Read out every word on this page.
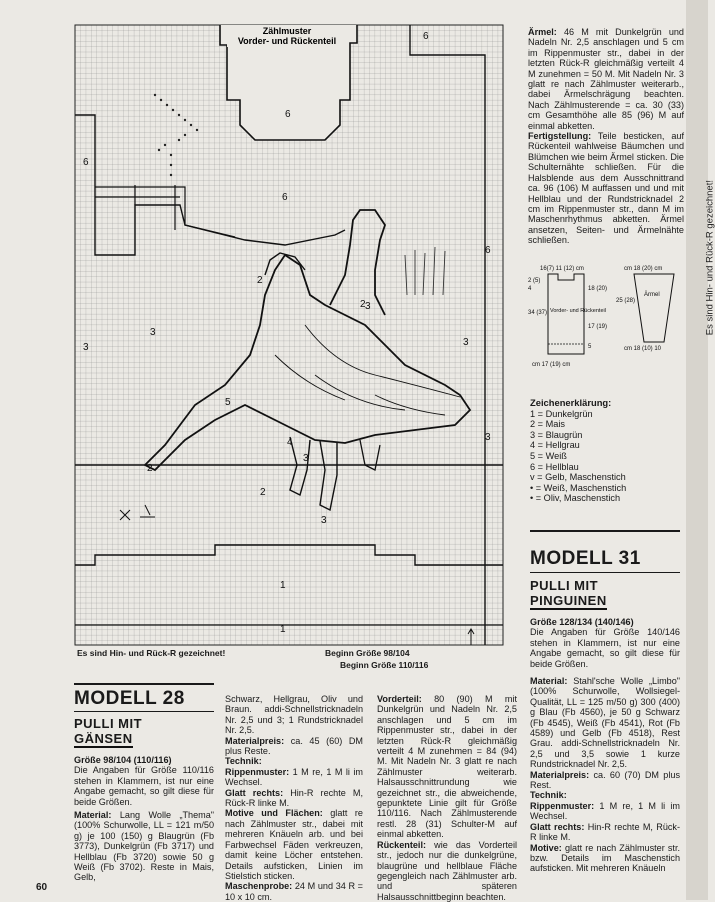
6
6
6
6
6
2
2 3
3
3	3
5
4
2
2
3
3
3
1
1
Zählmuster
Vorder- und Rückenteil
Es sind Hin- und Rück-R gezeichnet!	Beginn Größe 98/104
Beginn Größe 110/116

Ärmel: 46 M mit Dunkelgrün und Nadeln Nr. 2,5 anschlagen und 5 cm im Rippenmuster str., dabei in der letzten Rück-R gleichmäßig verteilt 4 M zunehmen = 50 M. Mit Nadeln Nr. 3 glatt re nach Zählmuster weiterarb., dabei Ärmelschrägung beachten. Nach Zählmusterende = ca. 30 (33) cm Gesamthöhe alle 85 (96) M auf einmal abketten.

Fertigstellung: Teile besticken, auf Rückenteil wahlweise Bäumchen und Blümchen wie beim Ärmel sticken. Die Schulternähte schließen. Für die Halsblende aus dem Ausschnittrand ca. 96 (106) M auffassen und und mit Hellblau und der Rundstricknadel 2 cm im Rippenmuster str., dann M im Maschenrhythmus abketten. Ärmel ansetzen, Seiten- und Ärmelnähte schließen.

16(7) 11 (12) cm	cm 18 (20) cm
2 (5)
4	18 (20)
34 (37) Vorder- und Rückenteil
17 (19)
5
cm 17 (19) cm
25 (28)
Ärmel
cm 18 (10) 10
Zeichenerklärung:
1 = Dunkelgrün
2 = Mais
3 = Blaugrün
4 = Hellgrau
5 = Weiß
6 = Hellblau
v = Gelb, Maschenstich
• = Weiß, Maschenstich
• = Oliv, Maschenstich
MODELL 31
PULLI MIT
PINGUINEN
Größe 128/134 (140/146)
Die Angaben für Größe 140/146 stehen in Klammern, ist nur eine Angabe gemacht, so gilt diese für beide Größen.
MODELL 28
PULLI MIT
GÄNSEN
Größe 98/104 (110/116)
Die Angaben für Größe 110/116 stehen in Klammern, ist nur eine Angabe gemacht, so gilt diese für beide Größen.

Material: Lang Wolle „Thema" (100% Schurwolle, LL = 121 m/50 g) je 100 (150) g Blaugrün (Fb 3773), Dunkelgrün (Fb 3717) und Hellblau (Fb 3720) sowie 50 g Weiß (Fb 3702). Reste in Mais, Gelb,

Schwarz, Hellgrau, Oliv und Braun. addi-Schnellstricknadeln Nr. 2,5 und 3; 1 Rundstricknadel Nr. 2,5.

Materialpreis: ca. 45 (60) DM plus Reste.

Technik:

Rippenmuster: 1 M re, 1 M li im Wechsel.

Glatt rechts: Hin-R rechte M, Rück-R linke M.

Motive und Flächen: glatt re nach Zählmuster str., dabei mit mehreren Knäueln arb. und bei Farbwechsel Fäden verkreuzen, damit keine Löcher entstehen. Details aufsticken, Linien im Stielstich sticken.

Maschenprobe: 24 M und 34 R = 10 x 10 cm.

Vorderteil: 80 (90) M mit Dunkelgrün und Nadeln Nr. 2,5 anschlagen und 5 cm im Rippenmuster str., dabei in der letzten Rück-R gleichmäßig verteilt 4 M zunehmen = 84 (94) M. Mit Nadeln Nr. 3 glatt re nach Zählmuster weiterarb. Halsausschnittrundung wie gezeichnet str., die abweichende, gepunktete Linie gilt für Größe 110/116. Nach Zählmusterende restl. 28 (31) Schulter-M auf einmal abketten.

Rückenteil: wie das Vorderteil str., jedoch nur die dunkelgrüne, blaugrüne und hellblaue Fläche gegengleich nach Zählmuster arb. und späteren Halsausschnittbeginn beachten.

Material: Stahl'sche Wolle „Limbo" (100% Schurwolle, Wollsiegel-Qualität, LL = 125 m/50 g) 300 (400) g Blau (Fb 4560), je 50 g Schwarz (Fb 4545), Weiß (Fb 4541), Rot (Fb 4589) und Gelb (Fb 4518), Rest Grau. addi-Schnellstricknadeln Nr. 2,5 und 3,5 sowie 1 kurze Rundstricknadel Nr. 2,5.

Materialpreis: ca. 60 (70) DM plus Rest.

Technik:

Rippenmuster: 1 M re, 1 M li im Wechsel.

Glatt rechts: Hin-R rechte M, Rück-R linke M.

Motive: glatt re nach Zählmuster str. bzw. Details im Maschenstich aufsticken. Mit mehreren Knäueln

60
Es sind Hin- und Rück-R gezeichnet!
